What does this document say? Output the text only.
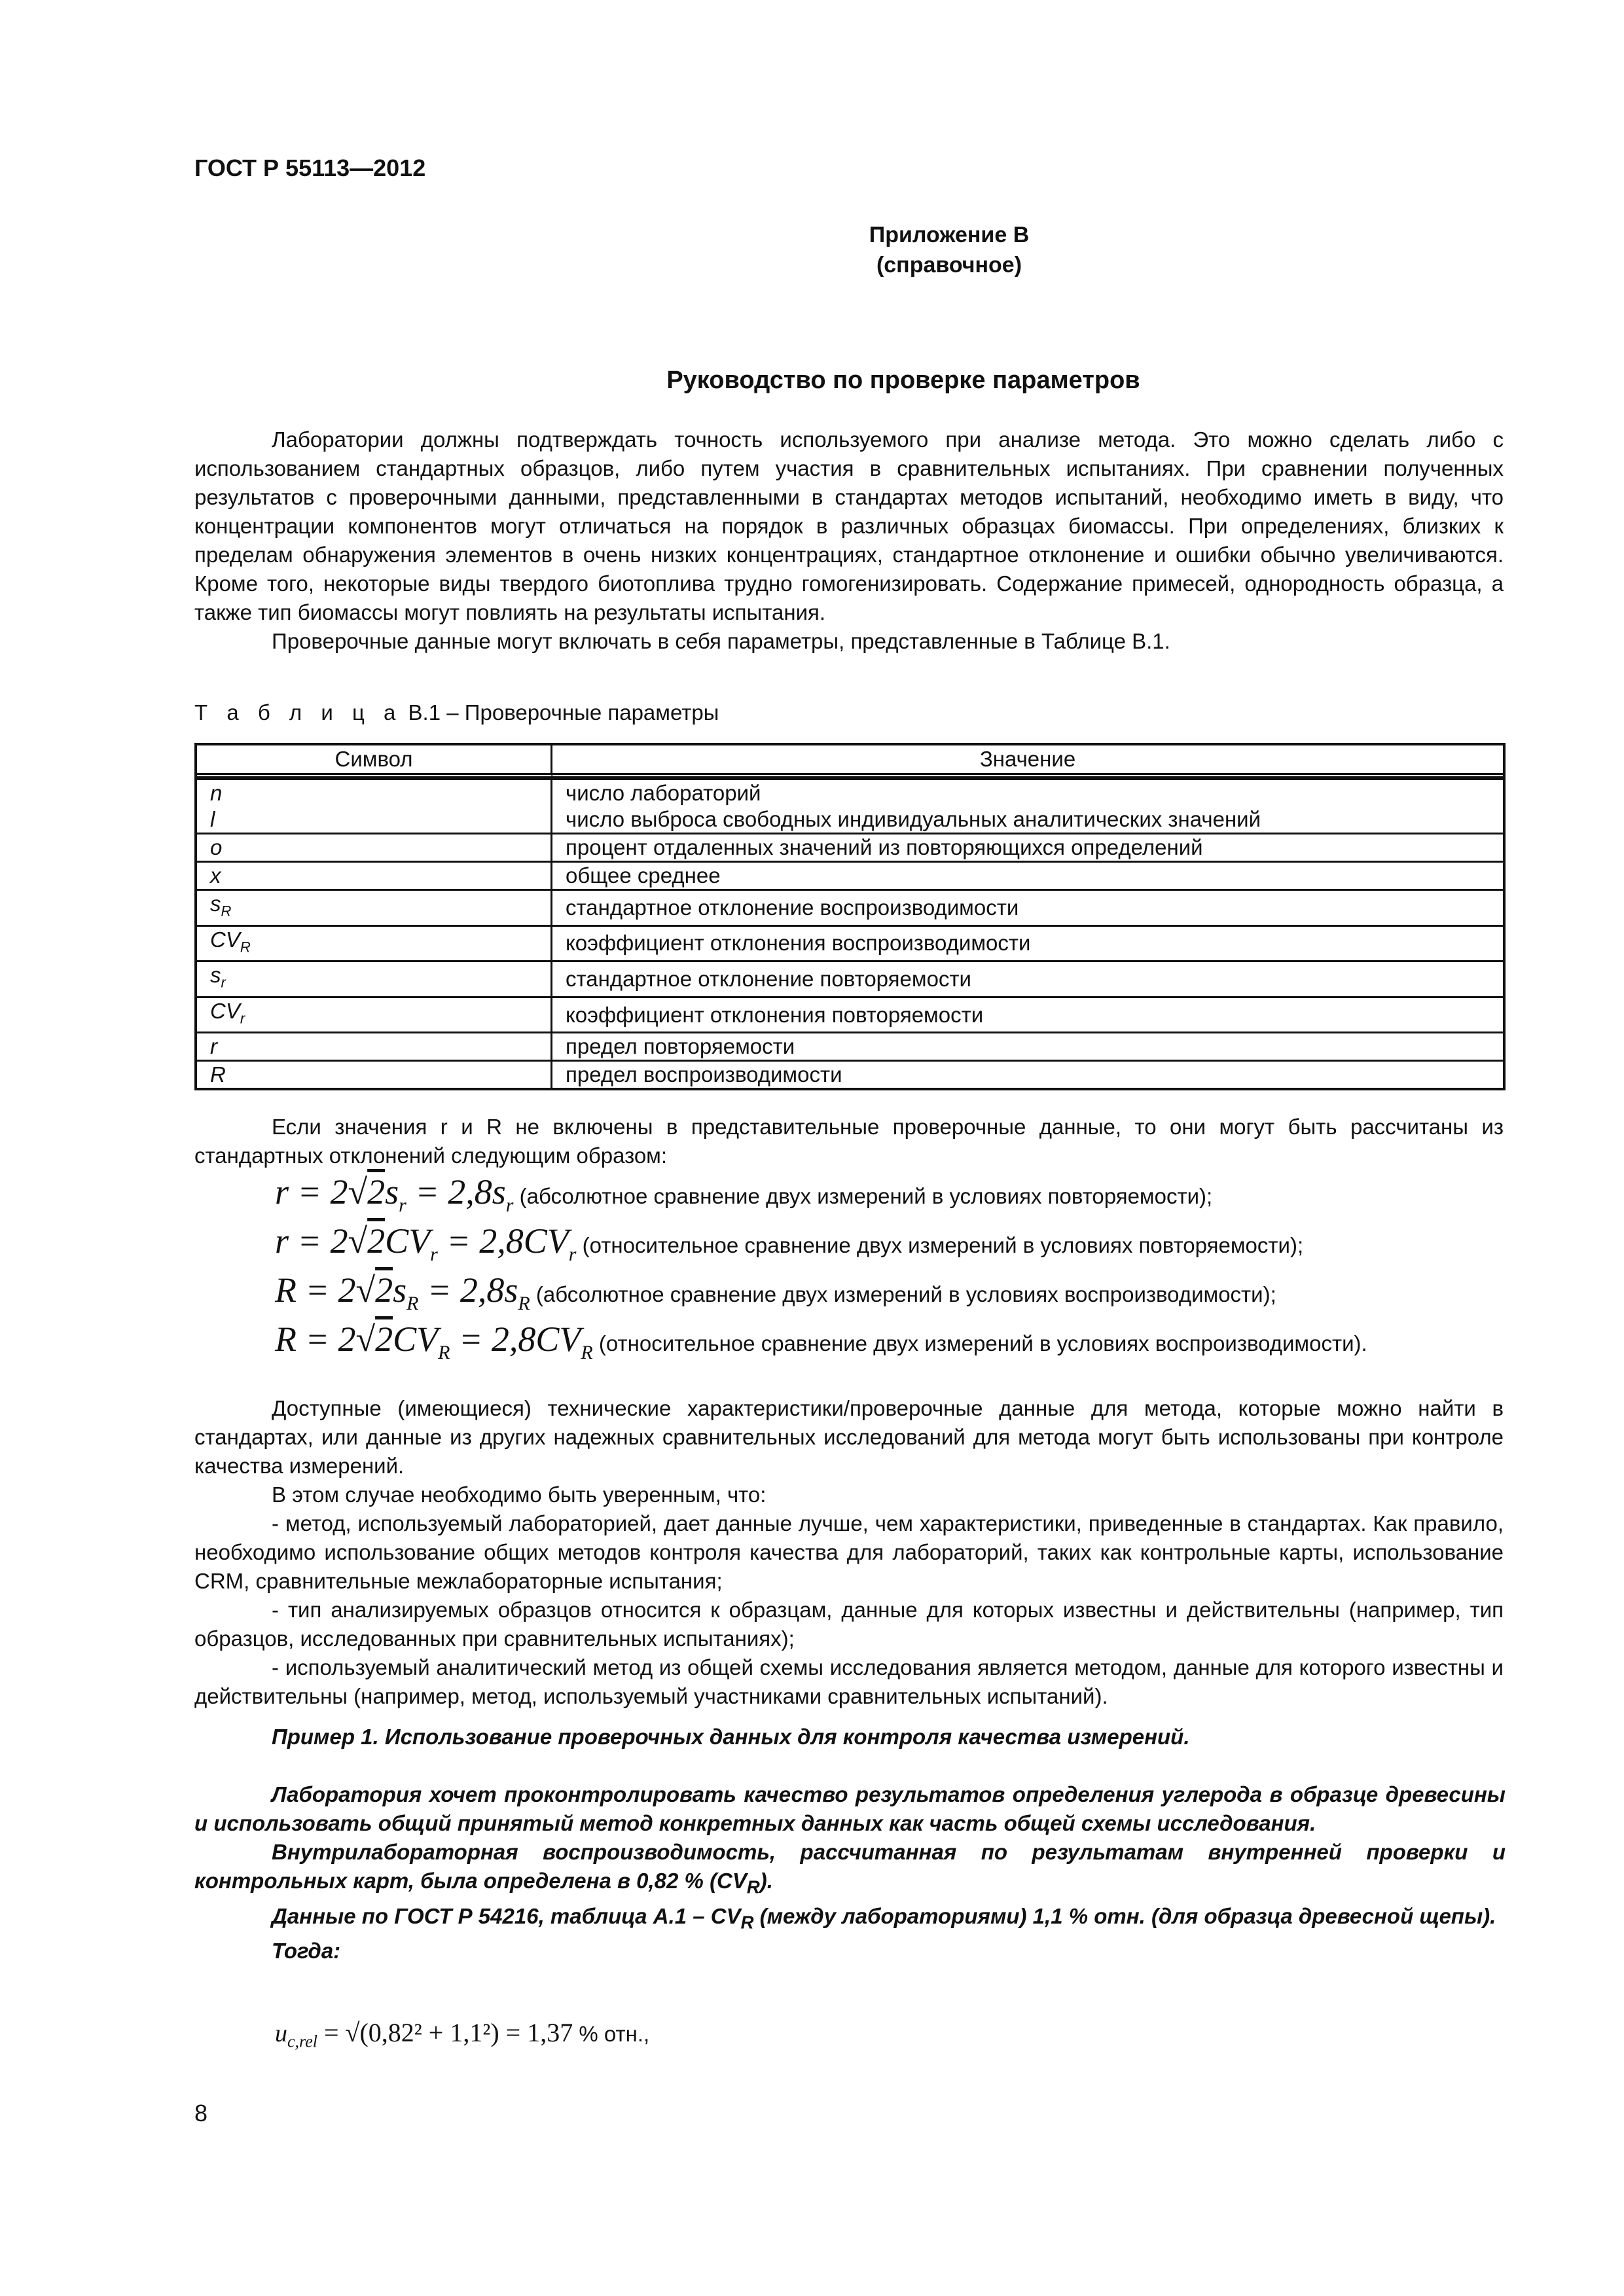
ГОСТ Р 55113—2012
Приложение В
(справочное)
Руководство по проверке параметров

Лаборатории должны подтверждать точность используемого при анализе метода. Это можно сделать либо с использованием стандартных образцов, либо путем участия в сравнительных испытаниях. При сравнении полученных результатов с проверочными данными, представленными в стандартах методов испытаний, необходимо иметь в виду, что концентрации компонентов могут отличаться на порядок в различных образцах биомассы. При определениях, близких к пределам обнаружения элементов в очень низких концентрациях, стандартное отклонение и ошибки обычно увеличиваются. Кроме того, некоторые виды твердого биотоплива трудно гомогенизировать. Содержание примесей, однородность образца, а также тип биомассы могут повлиять на результаты испытания.

Проверочные данные могут включать в себя параметры, представленные в Таблице В.1.

Т а б л и ц а В.1 – Проверочные параметры
Символ	Значение
n	число лабораторий
l	число выброса свободных индивидуальных аналитических значений
o	процент отдаленных значений из повторяющихся определений
x	общее среднее
$s_R$	стандартное отклонение воспроизводимости
$CV_R$	коэффициент отклонения воспроизводимости
$s_r$	стандартное отклонение повторяемости
$CV_r$	коэффициент отклонения повторяемости
r	предел повторяемости
R	предел воспроизводимости

Если значения r и R не включены в представительные проверочные данные, то они могут быть рассчитаны из стандартных отклонений следующим образом:

$r = 2√2s_r = 2,8s_r$ (абсолютное сравнение двух измерений в условиях повторяемости);
$r = 2√2CV_r = 2,8CV_r$ (относительное сравнение двух измерений в условиях повторяемости);
$R = 2√2s_R = 2,8s_R$ (абсолютное сравнение двух измерений в условиях воспроизводимости);
$R = 2√2CV_R = 2,8CV_R$ (относительное сравнение двух измерений в условиях воспроизводимости).

Доступные (имеющиеся) технические характеристики/проверочные данные для метода, которые можно найти в стандартах, или данные из других надежных сравнительных исследований для метода могут быть использованы при контроле качества измерений.

В этом случае необходимо быть уверенным, что:

- метод, используемый лабораторией, дает данные лучше, чем характеристики, приведенные в стандартах. Как правило, необходимо использование общих методов контроля качества для лабораторий, таких как контрольные карты, использование CRM, сравнительные межлабораторные испытания;

- тип анализируемых образцов относится к образцам, данные для которых известны и действительны (например, тип образцов, исследованных при сравнительных испытаниях);

- используемый аналитический метод из общей схемы исследования является методом, данные для которого известны и действительны (например, метод, используемый участниками сравнительных испытаний).

Пример 1. Использование проверочных данных для контроля качества измерений.

Лаборатория хочет проконтролировать качество результатов определения углерода в образце древесины и использовать общий принятый метод конкретных данных как часть общей схемы исследования.

Внутрилабораторная воспроизводимость, рассчитанная по результатам внутренней проверки и контрольных карт, была определена в 0,82 % $(CV_R)$.

Данные по ГОСТ Р 54216, таблица $А.1 - CV_R$ (между лабораториями) 1,1 % отн. (для образца древесной щепы).

Тогда:

$u_{c,rel} = √(0,82^2 + 1,1^2) = 1,37$ % отн.,
8
